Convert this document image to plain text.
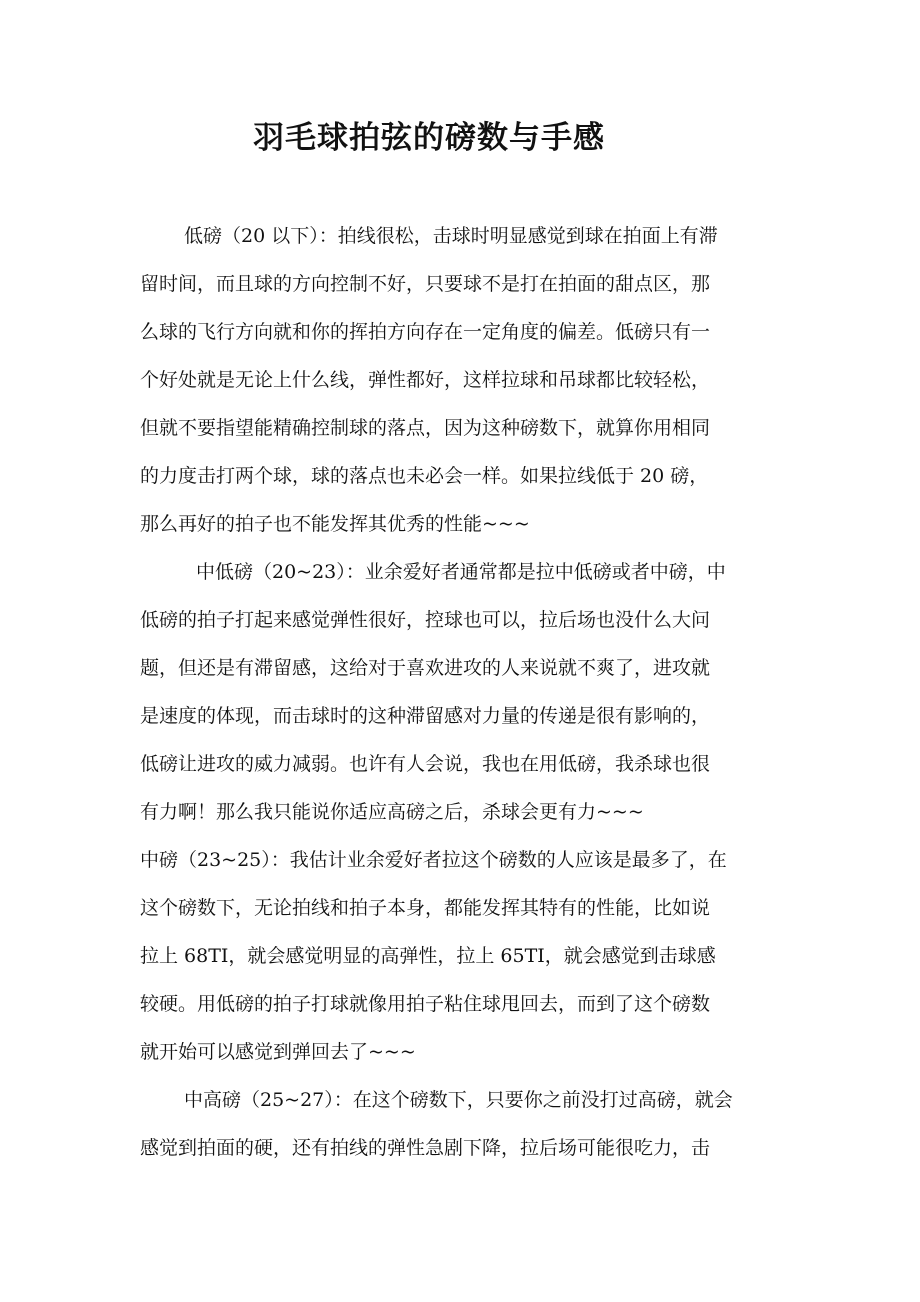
羽毛球拍弦的磅数与手感
低磅（20 以下）：拍线很松，击球时明显感觉到球在拍面上有滞
留时间，而且球的方向控制不好，只要球不是打在拍面的甜点区，那
么球的飞行方向就和你的挥拍方向存在一定角度的偏差。低磅只有一
个好处就是无论上什么线，弹性都好，这样拉球和吊球都比较轻松，
但就不要指望能精确控制球的落点，因为这种磅数下，就算你用相同
的力度击打两个球，球的落点也未必会一样。如果拉线低于 20 磅，
那么再好的拍子也不能发挥其优秀的性能~~~
中低磅（20~23）：业余爱好者通常都是拉中低磅或者中磅，中
低磅的拍子打起来感觉弹性很好，控球也可以，拉后场也没什么大问
题，但还是有滞留感，这给对于喜欢进攻的人来说就不爽了，进攻就
是速度的体现，而击球时的这种滞留感对力量的传递是很有影响的，
低磅让进攻的威力减弱。也许有人会说，我也在用低磅，我杀球也很
有力啊！那么我只能说你适应高磅之后，杀球会更有力~~~
中磅（23~25）：我估计业余爱好者拉这个磅数的人应该是最多了，在
这个磅数下，无论拍线和拍子本身，都能发挥其特有的性能，比如说
拉上 68TI，就会感觉明显的高弹性，拉上 65TI，就会感觉到击球感
较硬。用低磅的拍子打球就像用拍子粘住球甩回去，而到了这个磅数
就开始可以感觉到弹回去了~~~
中高磅（25~27）：在这个磅数下，只要你之前没打过高磅，就会
感觉到拍面的硬，还有拍线的弹性急剧下降，拉后场可能很吃力，击
